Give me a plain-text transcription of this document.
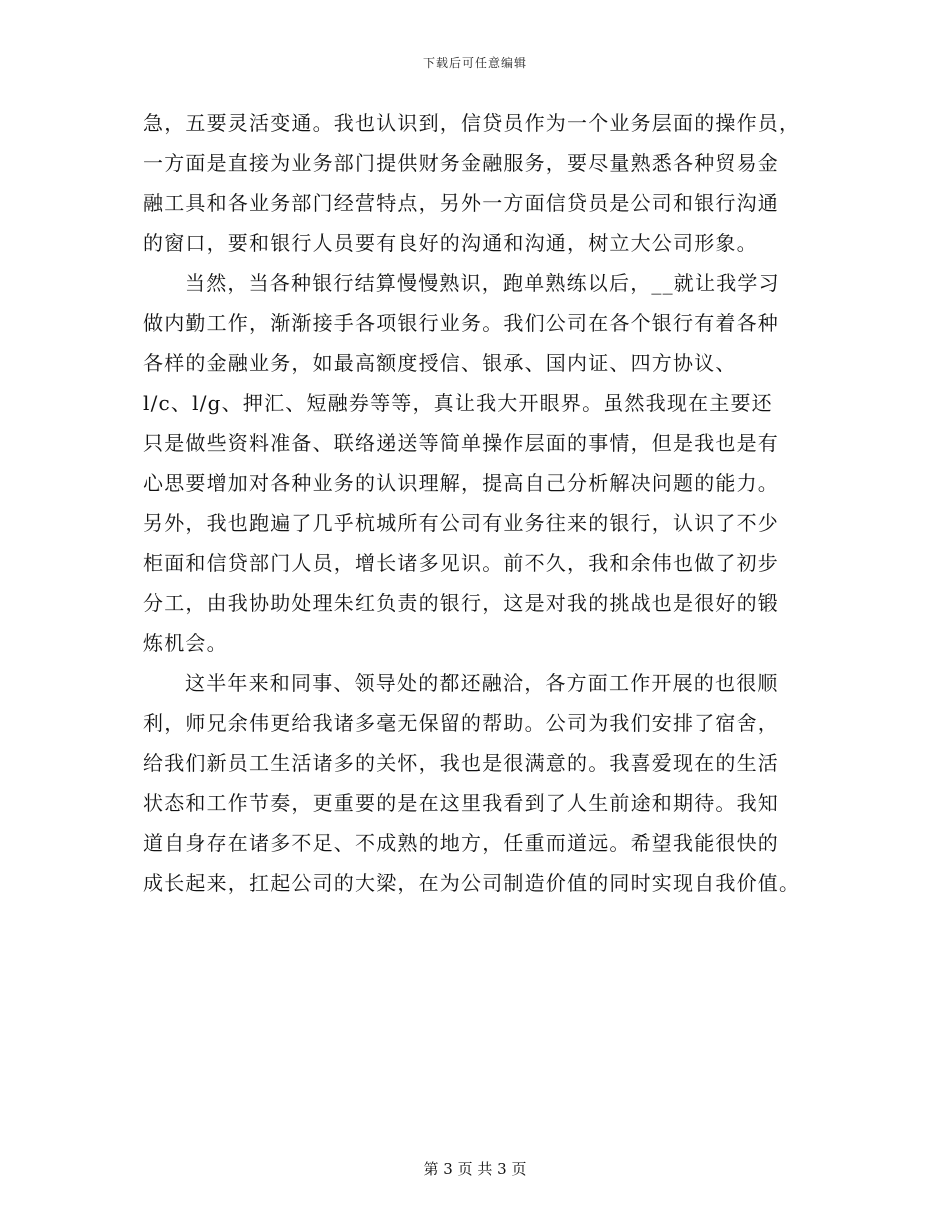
下载后可任意编辑
急，五要灵活变通。我也认识到，信贷员作为一个业务层面的操作员，
一方面是直接为业务部门提供财务金融服务，要尽量熟悉各种贸易金
融工具和各业务部门经营特点，另外一方面信贷员是公司和银行沟通
的窗口，要和银行人员要有良好的沟通和沟通，树立大公司形象。
当然，当各种银行结算慢慢熟识，跑单熟练以后，__就让我学习
做内勤工作，渐渐接手各项银行业务。我们公司在各个银行有着各种
各样的金融业务，如最高额度授信、银承、国内证、四方协议、
l/c、l/g、押汇、短融券等等，真让我大开眼界。虽然我现在主要还
只是做些资料准备、联络递送等简单操作层面的事情，但是我也是有
心思要增加对各种业务的认识理解，提高自己分析解决问题的能力。
另外，我也跑遍了几乎杭城所有公司有业务往来的银行，认识了不少
柜面和信贷部门人员，增长诸多见识。前不久，我和余伟也做了初步
分工，由我协助处理朱红负责的银行，这是对我的挑战也是很好的锻
炼机会。
这半年来和同事、领导处的都还融洽，各方面工作开展的也很顺
利，师兄余伟更给我诸多毫无保留的帮助。公司为我们安排了宿舍，
给我们新员工生活诸多的关怀，我也是很满意的。我喜爱现在的生活
状态和工作节奏，更重要的是在这里我看到了人生前途和期待。我知
道自身存在诸多不足、不成熟的地方，任重而道远。希望我能很快的
成长起来，扛起公司的大梁，在为公司制造价值的同时实现自我价值。
第 3 页 共 3 页
